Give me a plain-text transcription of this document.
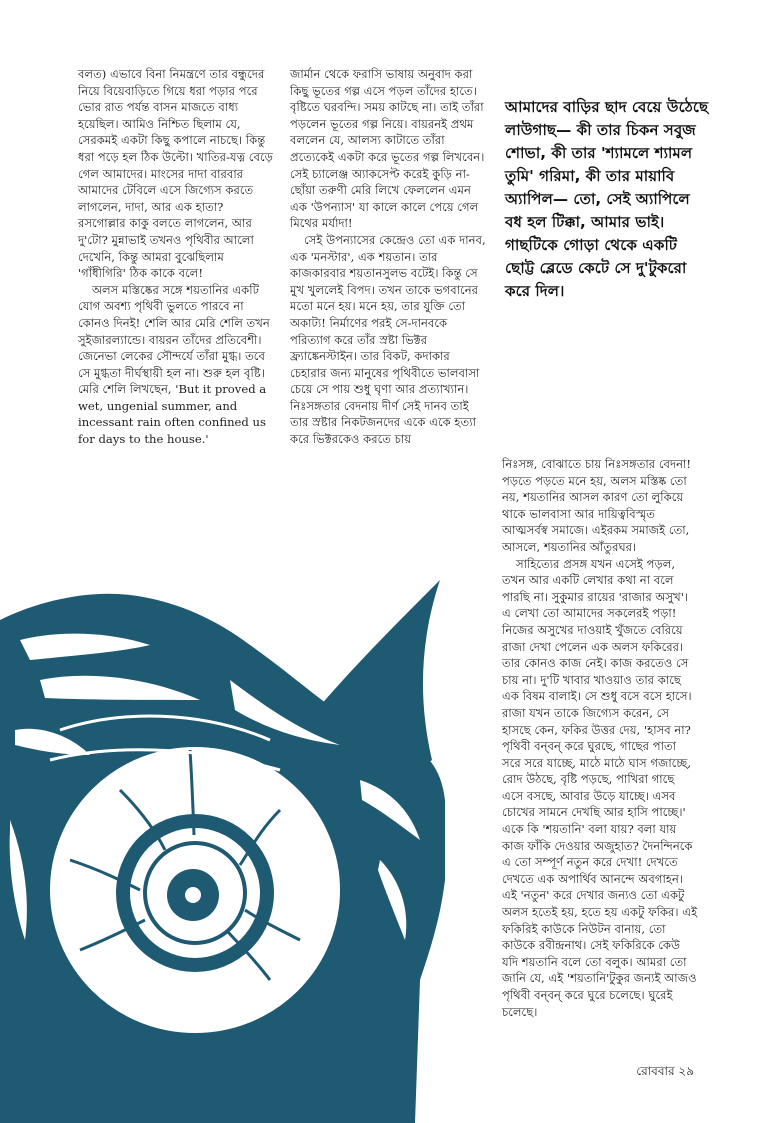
বলত) এভাবে বিনা নিমন্ত্রণে তার বন্ধুদের নিয়ে বিয়েবাড়িতে গিয়ে ধরা পড়ার পরে ভোর রাত পর্যন্ত বাসন মাজতে বাধ্য হয়েছিল। আমিও নিশ্চিত ছিলাম যে, সেরকমই একটা কিছু কপালে নাচছে। কিন্তু ধরা পড়ে হল ঠিক উল্টো। খাতির-যত্ন বেড়ে গেল আমাদের। মাংসের দাদা বারবার আমাদের টেবিলে এসে জিগ্যেস করতে লাগলেন, দাদা, আর এক হাতা? রসগোল্লার কাকু বলতে লাগলেন, আর দু'টো? মুন্নাভাই তখনও পৃথিবীর আলো দেখেনি, কিন্তু আমরা বুঝেছিলাম 'গাঁধীগিরি' ঠিক কাকে বলে!

অলস মস্তিষ্কের সঙ্গে শয়তানির একটি যোগ অবশ্য পৃথিবী ভুলতে পারবে না কোনও দিনই! শেলি আর মেরি শেলি তখন সুইজারল্যান্ডে। বায়রন তাঁদের প্রতিবেশী। জেনেভা লেকের সৌন্দর্যে তাঁরা মুগ্ধ। তবে সে মুগ্ধতা দীর্ঘস্থায়ী হল না। শুরু হল বৃষ্টি। মেরি শেলি লিখছেন, 'But it proved a wet, ungenial summer, and incessant rain often confined us for days to the house.'

জার্মান থেকে ফরাসি ভাষায় অনুবাদ করা কিছু ভূতের গল্প এসে পড়ল তাঁদের হাতে। বৃষ্টিতে ঘরবন্দি। সময় কাটছে না। তাই তাঁরা পড়লেন ভূতের গল্প নিয়ে। বায়রনই প্রথম বললেন যে, আলস্য কাটাতে তাঁরা প্রত্যেকেই একটা করে ভূতের গল্প লিখবেন। সেই চ্যালেঞ্জ অ্যাকসেপ্ট করেই কুড়ি না-ছোঁয়া তরুণী মেরি লিখে ফেললেন এমন এক 'উপন্যাস' যা কালে কালে পেয়ে গেল মিথের মর্যাদা!

সেই উপন্যাসের কেন্দ্রেও তো এক দানব, এক 'মনস্টার', এক শয়তান। তার কাজকারবার শয়তানসুলভ বটেই। কিন্তু সে মুখ খুললেই বিপদ। তখন তাকে ভগবানের মতো মনে হয়। মনে হয়, তার যুক্তি তো অকাট্য! নির্মাণের পরই সে-দানবকে পরিত্যাগ করে তাঁর স্রষ্টা ভিক্টর ফ্র্যাঙ্কেনস্টাইন। তার বিকট, কদাকার চেহারার জন্য মানুষের পৃথিবীতে ভালবাসা চেয়ে সে পায় শুধু ঘৃণা আর প্রত্যাখ্যান। নিঃসঙ্গতার বেদনায় দীর্ণ সেই দানব তাই তার স্রষ্টার নিকটজনদের একে একে হত্যা করে ভিক্টরকেও করতে চায়

আমাদের বাড়ির ছাদ বেয়ে উঠেছে লাউগাছ— কী তার চিকন সবুজ শোভা, কী তার 'শ্যামলে শ্যামল তুমি' গরিমা, কী তার মায়াবি অ্যাপিল— তো, সেই অ্যাপিলে বধ হল টিক্কা, আমার ভাই। গাছটিকে গোড়া থেকে একটি ছোট্ট ব্লেডে কেটে সে দু'টুকরো করে দিল।

নিঃসঙ্গ, বোঝাতে চায় নিঃসঙ্গতার বেদনা! পড়তে পড়তে মনে হয়, অলস মস্তিষ্ক তো নয়, শয়তানির আসল কারণ তো লুকিয়ে থাকে ভালবাসা আর দায়িত্ববিস্মৃত আত্মসর্বস্ব সমাজে। এইরকম সমাজই তো, আসলে, শয়তানির আঁতুরঘর।

সাহিত্যের প্রসঙ্গ যখন এসেই পড়ল, তখন আর একটি লেখার কথা না বলে পারছি না। সুকুমার রায়ের 'রাজার অসুখ'। এ লেখা তো আমাদের সকলেরই পড়া! নিজের অসুখের দাওয়াই খুঁজতে বেরিয়ে রাজা দেখা পেলেন এক অলস ফকিরের। তার কোনও কাজ নেই। কাজ করতেও সে চায় না। দু'টি খাবার খাওয়াও তার কাছে এক বিষম বালাই। সে শুধু বসে বসে হাসে। রাজা যখন তাকে জিগ্যেস করেন, সে হাসছে কেন, ফকির উত্তর দেয়, 'হাসব না? পৃথিবী বন্‌বন্ করে ঘুরছে, গাছের পাতা সরে সরে যাচ্ছে, মাঠে মাঠে ঘাস গজাচ্ছে, রোদ উঠছে, বৃষ্টি পড়ছে, পাখিরা গাছে এসে বসছে, আবার উড়ে যাচ্ছে। এসব চোখের সামনে দেখছি আর হাসি পাচ্ছে।' একে কি 'শয়তানি' বলা যায়? বলা যায় কাজ ফাঁকি দেওয়ার অজুহাত? দৈনন্দিনকে এ তো সম্পূর্ণ নতুন করে দেখা! দেখতে দেখতে এক অপার্থিব আনন্দে অবগাহন। এই 'নতুন' করে দেখার জন্যও তো একটু অলস হতেই হয়, হতে হয় একটু ফকির। এই ফকিরিই কাউকে নিউটন বানায়, তো কাউকে রবীন্দ্রনাথ। সেই ফকিরিকে কেউ যদি শয়তানি বলে তো বলুক। আমরা তো জানি যে, এই 'শয়তানি'টুকুর জন্যই আজও পৃথিবী বন্‌বন্ করে ঘুরে চলেছে। ঘুরেই চলেছে।

রোববার ২৯
